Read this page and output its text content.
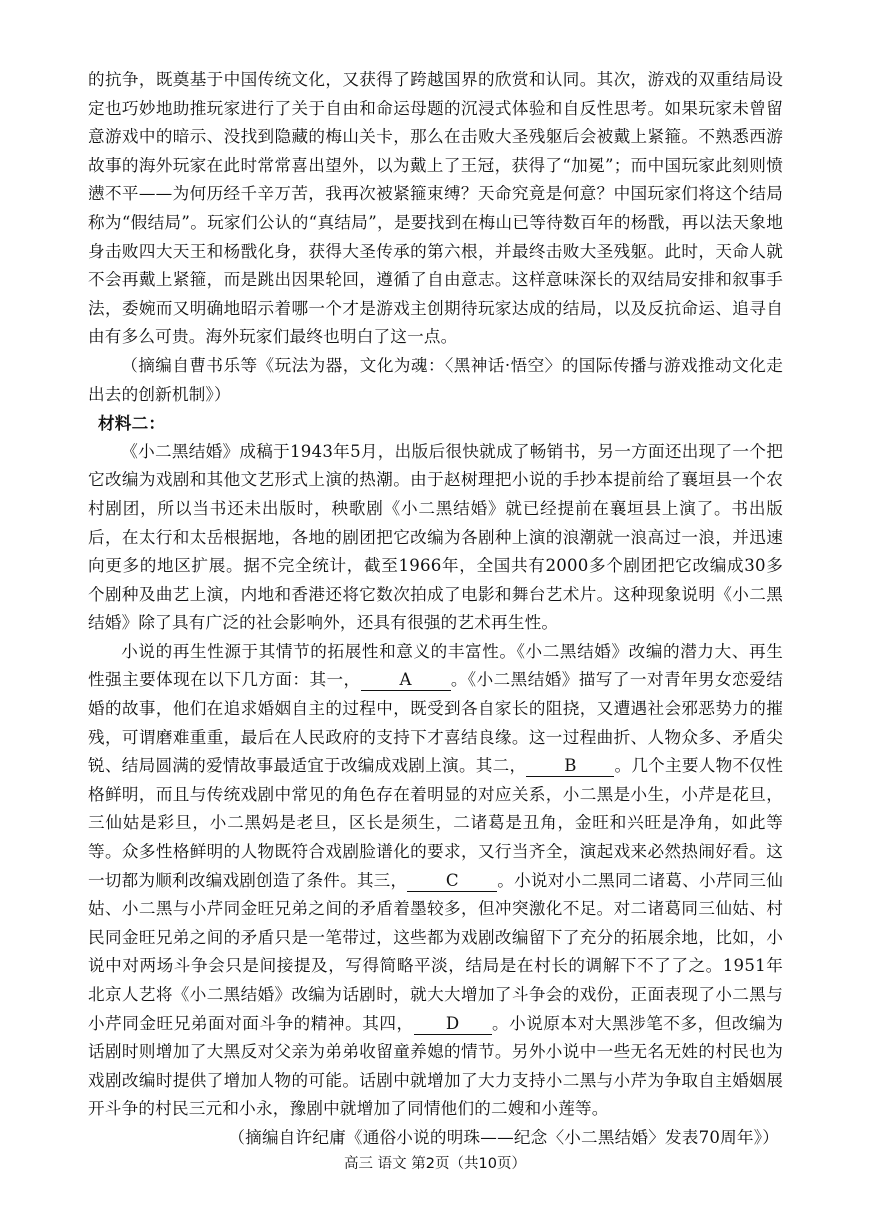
的抗争，既奠基于中国传统文化，又获得了跨越国界的欣赏和认同。其次，游戏的双重结局设定也巧妙地助推玩家进行了关于自由和命运母题的沉浸式体验和自反性思考。如果玩家未曾留意游戏中的暗示、没找到隐藏的梅山关卡，那么在击败大圣残躯后会被戴上紧箍。不熟悉西游故事的海外玩家在此时常常喜出望外，以为戴上了王冠，获得了“加冕”；而中国玩家此刻则愤懑不平——为何历经千辛万苦，我再次被紧箍束缚？天命究竟是何意？中国玩家们将这个结局称为“假结局”。玩家们公认的“真结局”，是要找到在梅山已等待数百年的杨戬，再以法天象地身击败四大天王和杨戬化身，获得大圣传承的第六根，并最终击败大圣残躯。此时，天命人就不会再戴上紧箍，而是跳出因果轮回，遵循了自由意志。这样意味深长的双结局安排和叙事手法，委婉而又明确地昭示着哪一个才是游戏主创期待玩家达成的结局，以及反抗命运、追寻自由有多么可贵。海外玩家们最终也明白了这一点。

（摘编自曹书乐等《玩法为器，文化为魂：〈黑神话·悟空〉的国际传播与游戏推动文化走出去的创新机制》）

材料二：

《小二黑结婚》成稿于1943年5月，出版后很快就成了畅销书，另一方面还出现了一个把它改编为戏剧和其他文艺形式上演的热潮。由于赵树理把小说的手抄本提前给了襄垣县一个农村剧团，所以当书还未出版时，秧歌剧《小二黑结婚》就已经提前在襄垣县上演了。书出版后，在太行和太岳根据地，各地的剧团把它改编为各剧种上演的浪潮就一浪高过一浪，并迅速向更多的地区扩展。据不完全统计，截至1966年，全国共有2000多个剧团把它改编成30多个剧种及曲艺上演，内地和香港还将它数次拍成了电影和舞台艺术片。这种现象说明《小二黑结婚》除了具有广泛的社会影响外，还具有很强的艺术再生性。

小说的再生性源于其情节的拓展性和意义的丰富性。《小二黑结婚》改编的潜力大、再生性强主要体现在以下几方面：其一， A 。《小二黑结婚》描写了一对青年男女恋爱结婚的故事，他们在追求婚姻自主的过程中，既受到各自家长的阻挠，又遭遇社会邪恶势力的摧残，可谓磨难重重，最后在人民政府的支持下才喜结良缘。这一过程曲折、人物众多、矛盾尖锐、结局圆满的爱情故事最适宜于改编成戏剧上演。其二， B 。几个主要人物不仅性格鲜明，而且与传统戏剧中常见的角色存在着明显的对应关系，小二黑是小生，小芹是花旦，三仙姑是彩旦，小二黑妈是老旦，区长是须生，二诸葛是丑角，金旺和兴旺是净角，如此等等。众多性格鲜明的人物既符合戏剧脸谱化的要求，又行当齐全，演起戏来必然热闹好看。这一切都为顺利改编戏剧创造了条件。其三， C 。小说对小二黑同二诸葛、小芹同三仙姑、小二黑与小芹同金旺兄弟之间的矛盾着墨较多，但冲突激化不足。对二诸葛同三仙姑、村民同金旺兄弟之间的矛盾只是一笔带过，这些都为戏剧改编留下了充分的拓展余地，比如，小说中对两场斗争会只是间接提及，写得简略平淡，结局是在村长的调解下不了了之。1951年北京人艺将《小二黑结婚》改编为话剧时，就大大增加了斗争会的戏份，正面表现了小二黑与小芹同金旺兄弟面对面斗争的精神。其四， D 。小说原本对大黑涉笔不多，但改编为话剧时则增加了大黑反对父亲为弟弟收留童养媳的情节。另外小说中一些无名无姓的村民也为戏剧改编时提供了增加人物的可能。话剧中就增加了大力支持小二黑与小芹为争取自主婚姻展开斗争的村民三元和小永，豫剧中就增加了同情他们的二嫂和小莲等。

（摘编自许纪庸《通俗小说的明珠——纪念〈小二黑结婚〉发表70周年》）

高三 语文 第2页（共10页）
